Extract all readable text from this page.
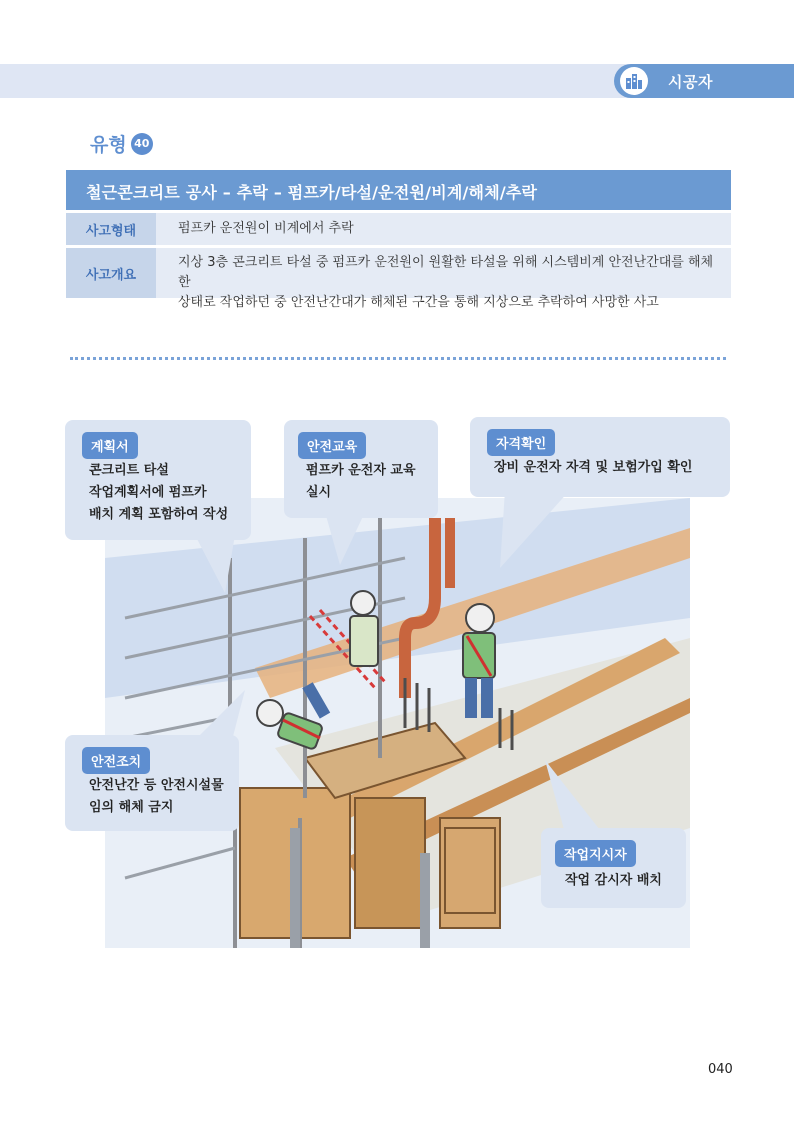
시공자
유형 40
철근콘크리트 공사 – 추락 – 펌프카/타설/운전원/비계/해체/추락
사고형태	펌프카 운전원이 비계에서 추락
사고개요
지상 3층 콘크리트 타설 중 펌프카 운전원이 원활한 타설을 위해 시스템비계 안전난간대를 해체한
상태로 작업하던 중 안전난간대가 해체된 구간을 통해 지상으로 추락하여 사망한 사고
계획서
콘크리트 타설
작업계획서에 펌프카
배치 계획 포함하여 작성
안전교육
펌프카 운전자 교육
실시
자격확인
장비 운전자 자격 및 보험가입 확인
안전조치
안전난간 등 안전시설물
임의 해체 금지
작업지시자
작업 감시자 배치
040
